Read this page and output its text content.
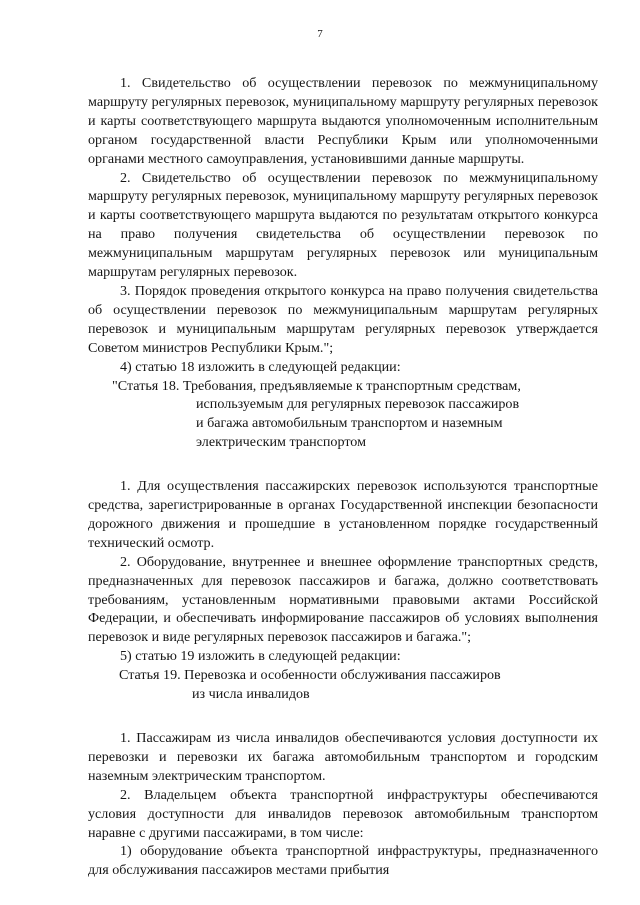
7

1. Свидетельство об осуществлении перевозок по межмуниципальному маршруту регулярных перевозок, муниципальному маршруту регулярных перевозок и карты соответствующего маршрута выдаются уполномоченным исполнительным органом государственной власти Республики Крым или уполномоченными органами местного самоуправления, установившими данные маршруты.

2. Свидетельство об осуществлении перевозок по межмуниципальному маршруту регулярных перевозок, муниципальному маршруту регулярных перевозок и карты соответствующего маршрута выдаются по результатам открытого конкурса на право получения свидетельства об осуществлении перевозок по межмуниципальным маршрутам регулярных перевозок или муниципальным маршрутам регулярных перевозок.

3. Порядок проведения открытого конкурса на право получения свидетельства об осуществлении перевозок по межмуниципальным маршрутам регулярных перевозок и муниципальным маршрутам регулярных перевозок утверждается Советом министров Республики Крым.";

4) статью 18 изложить в следующей редакции:

"Статья 18. Требования, предъявляемые к транспортным средствам,
используемым для регулярных перевозок пассажиров
и багажа автомобильным транспортом и наземным
электрическим транспортом

1. Для осуществления пассажирских перевозок используются транспортные средства, зарегистрированные в органах Государственной инспекции безопасности дорожного движения и прошедшие в установленном порядке государственный технический осмотр.

2. Оборудование, внутреннее и внешнее оформление транспортных средств, предназначенных для перевозок пассажиров и багажа, должно соответствовать требованиям, установленным нормативными правовыми актами Российской Федерации, и обеспечивать информирование пассажиров об условиях выполнения перевозок и виде регулярных перевозок пассажиров и багажа.";

5) статью 19 изложить в следующей редакции:

Статья 19. Перевозка и особенности обслуживания пассажиров
из числа инвалидов

1. Пассажирам из числа инвалидов обеспечиваются условия доступности их перевозки и перевозки их багажа автомобильным транспортом и городским наземным электрическим транспортом.

2. Владельцем объекта транспортной инфраструктуры обеспечиваются условия доступности для инвалидов перевозок автомобильным транспортом наравне с другими пассажирами, в том числе:

1) оборудование объекта транспортной инфраструктуры, предназначенного для обслуживания пассажиров местами прибытия
